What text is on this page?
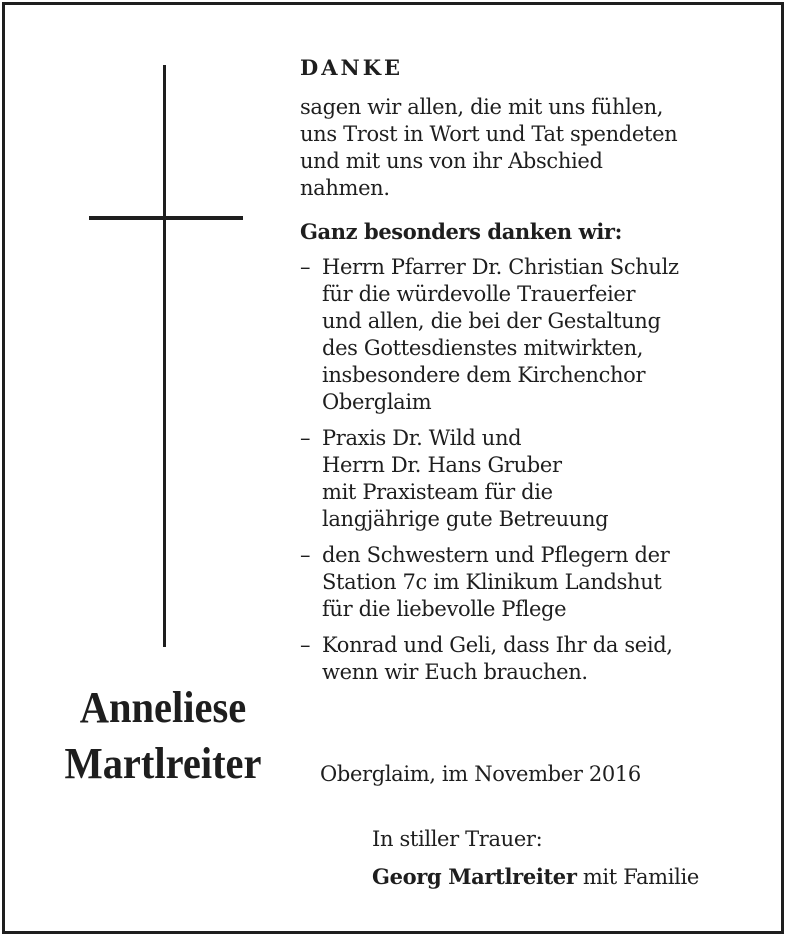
Anneliese
Martlreiter
DANKE
sagen wir allen, die mit uns fühlen,
uns Trost in Wort und Tat spendeten
und mit uns von ihr Abschied
nahmen.
Ganz besonders danken wir:
– Herrn Pfarrer Dr. Christian Schulz
für die würdevolle Trauerfeier
und allen, die bei der Gestaltung
des Gottesdienstes mitwirkten,
insbesondere dem Kirchenchor
Oberglaim
– Praxis Dr. Wild und
Herrn Dr. Hans Gruber
mit Praxisteam für die
langjährige gute Betreuung
– den Schwestern und Pflegern der
Station 7c im Klinikum Landshut
für die liebevolle Pflege
– Konrad und Geli, dass Ihr da seid,
wenn wir Euch brauchen.
Oberglaim, im November 2016
In stiller Trauer:
Georg Martlreiter mit Familie
